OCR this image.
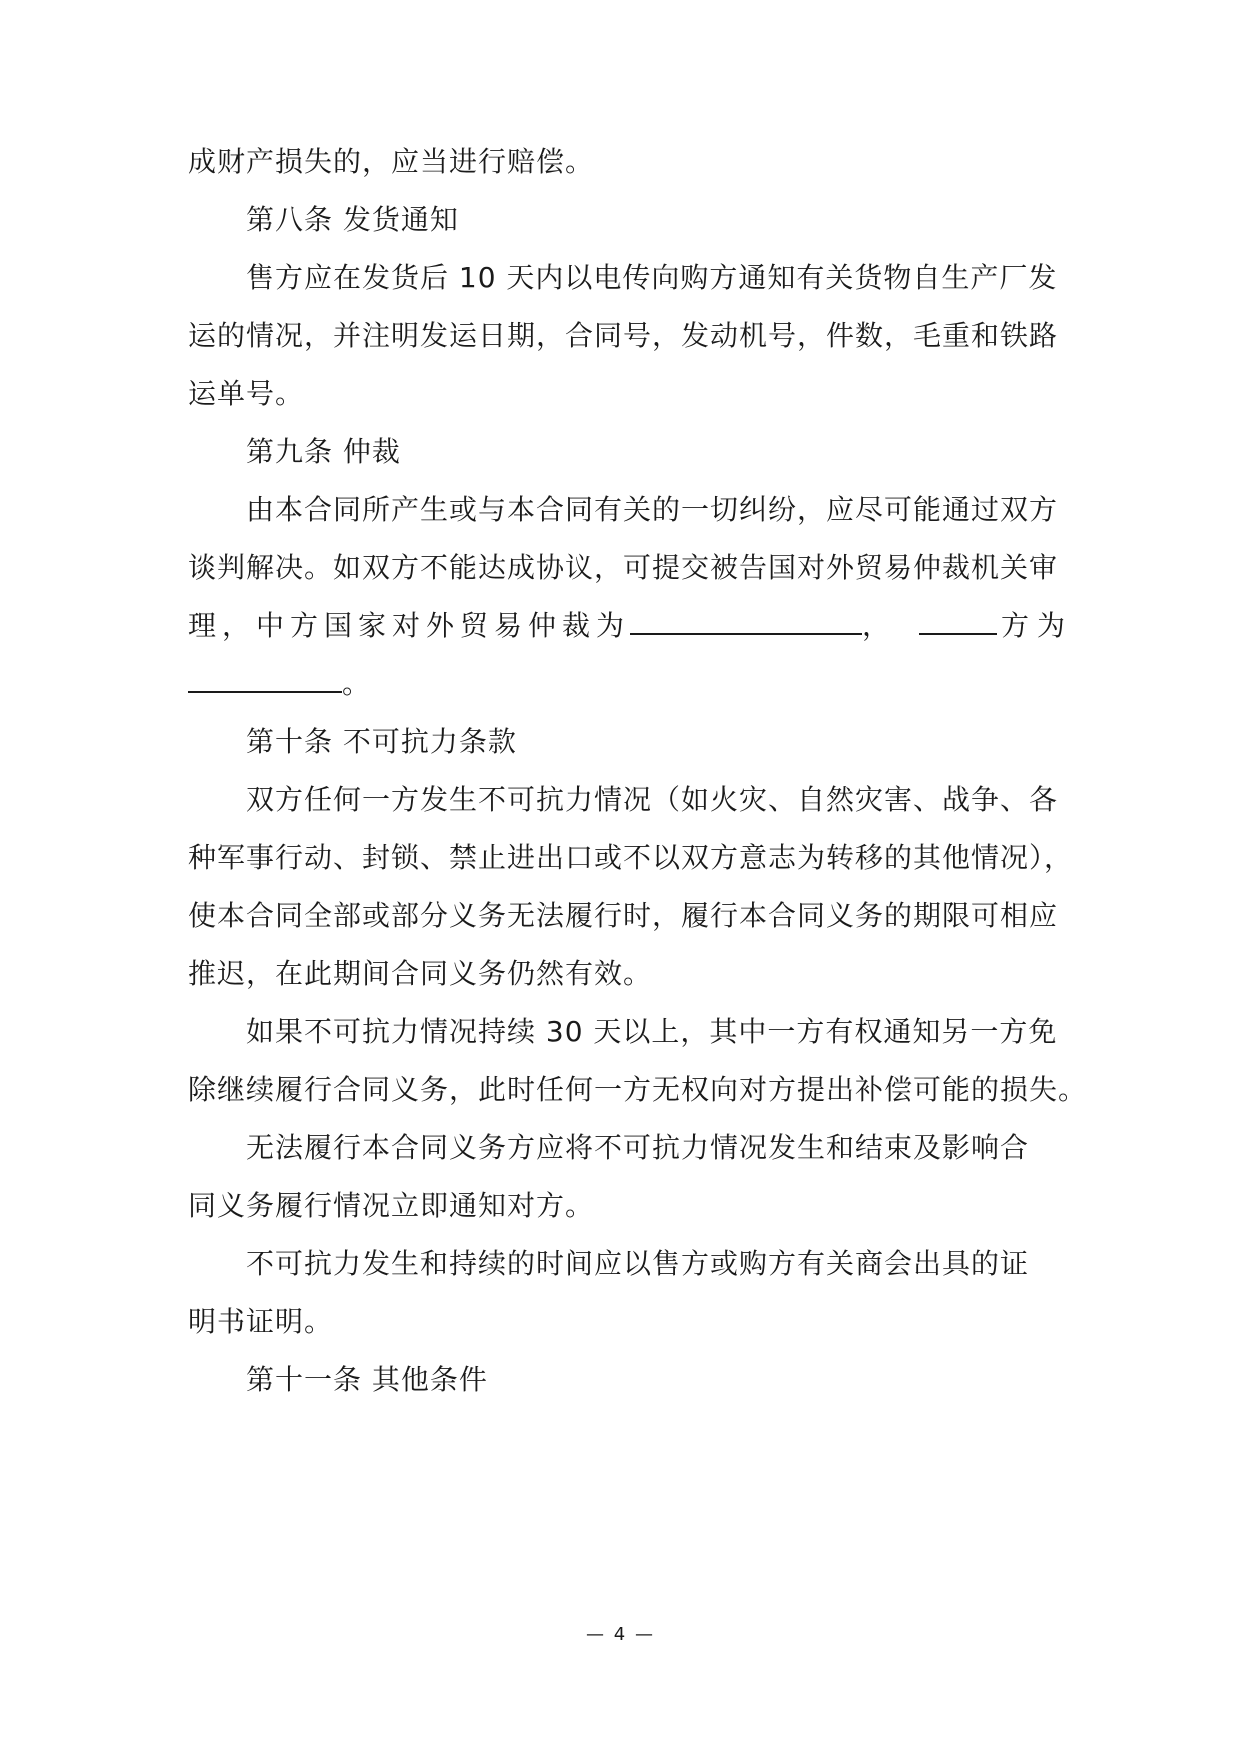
成财产损失的，应当进行赔偿。
第八条 发货通知
售方应在发货后 10 天内以电传向购方通知有关货物自生产厂发
运的情况，并注明发运日期，合同号，发动机号，件数，毛重和铁路
运单号。
第九条 仲裁
由本合同所产生或与本合同有关的一切纠纷，应尽可能通过双方
谈判解决。如双方不能达成协议，可提交被告国对外贸易仲裁机关审
理，中方国家对外贸易仲裁为	，	方为
。
第十条 不可抗力条款
双方任何一方发生不可抗力情况（如火灾、自然灾害、战争、各
种军事行动、封锁、禁止进出口或不以双方意志为转移的其他情况），
使本合同全部或部分义务无法履行时，履行本合同义务的期限可相应
推迟，在此期间合同义务仍然有效。
如果不可抗力情况持续 30 天以上，其中一方有权通知另一方免
除继续履行合同义务，此时任何一方无权向对方提出补偿可能的损失。
无法履行本合同义务方应将不可抗力情况发生和结束及影响合
同义务履行情况立即通知对方。
不可抗力发生和持续的时间应以售方或购方有关商会出具的证
明书证明。
第十一条 其他条件
— 4 —
